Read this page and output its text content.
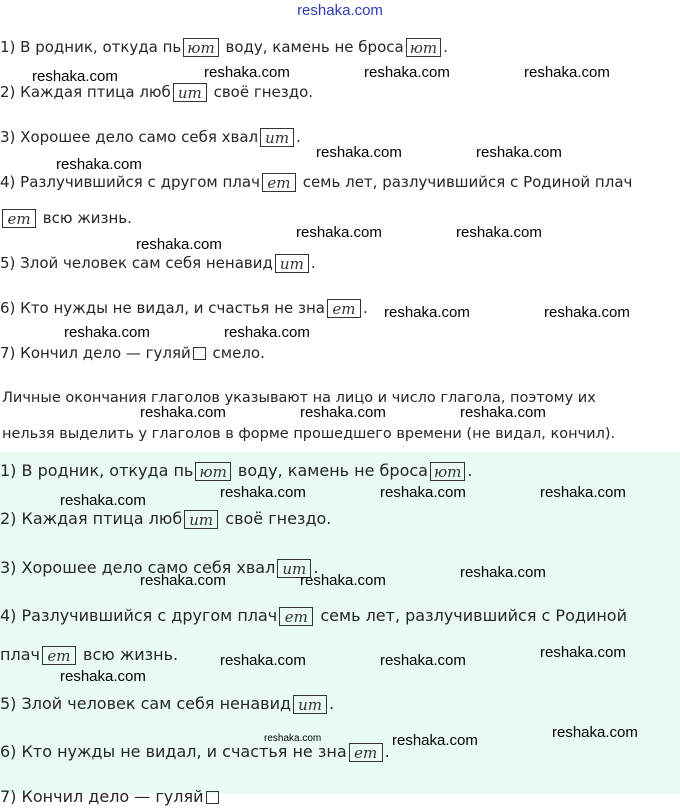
reshaka.com
1) В родник, откуда пь ют воду, камень не броса ют .
2) Каждая птица люб ит своё гнездо.
3) Хорошее дело само себя хвал ит .
4) Разлучившийся с другом плач ет семь лет, разлучившийся с Родиной плач
ет всю жизнь.
5) Злой человек сам себя ненавид ит .
6) Кто нужды не видал, и счастья не зна ет .
7) Кончил дело — гуляй смело.
Личные окончания глаголов указывают на лицо и число глагола, поэтому их
нельзя выделить у глаголов в форме прошедшего времени (не видал, кончил).
1) В родник, откуда пь ют воду, камень не броса ют .
2) Каждая птица люб ит своё гнездо.
3) Хорошее дело само себя хвал ит .
4) Разлучившийся с другом плач ет семь лет, разлучившийся с Родиной
плач ет всю жизнь.
5) Злой человек сам себя ненавид ит .
6) Кто нужды не видал, и счастья не зна ет .
7) Кончил дело — гуляй
reshaka.com	reshaka.com	reshaka.com	reshaka.com
reshaka.com
reshaka.com	reshaka.com
reshaka.com
reshaka.com	reshaka.com
reshaka.com	reshaka.com
reshaka.com	reshaka.com
reshaka.com	reshaka.com	reshaka.com
reshaka.com	reshaka.com	reshaka.com
reshaka.com
reshaka.com
reshaka.com	reshaka.com
reshaka.com
reshaka.com	reshaka.com
reshaka.com
reshaka.com	reshaka.com	reshaka.com
